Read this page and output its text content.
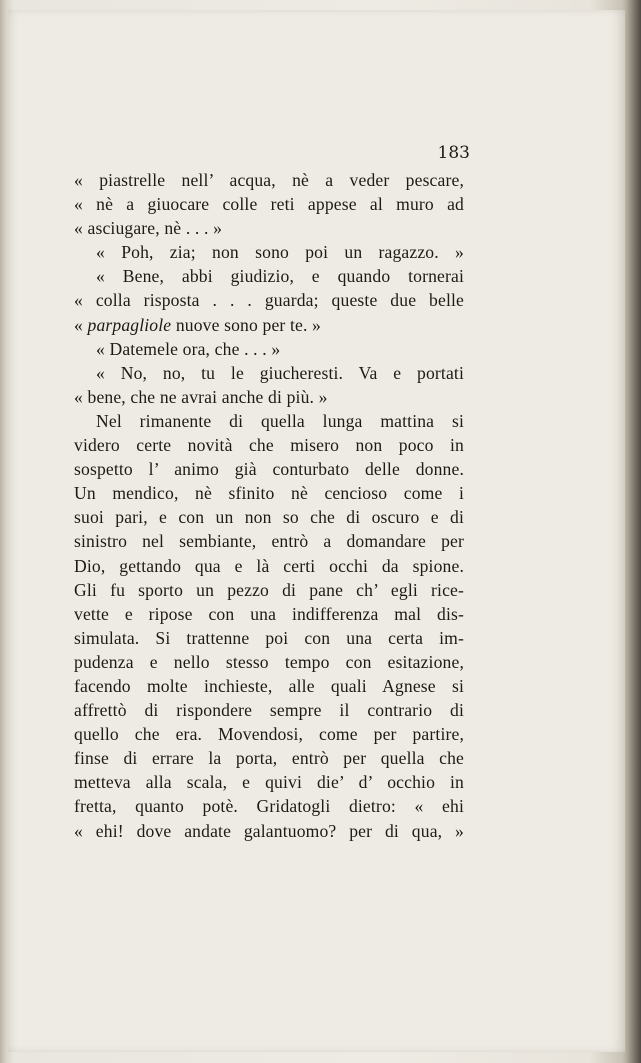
183
« piastrelle nell’ acqua, nè a veder pescare,
« nè a giuocare colle reti appese al muro ad
« asciugare, nè . . . »
« Poh, zia; non sono poi un ragazzo. »
« Bene, abbi giudizio, e quando tornerai
« colla risposta . . . guarda; queste due belle
« parpagliole nuove sono per te. »
« Datemele ora, che . . . »
« No, no, tu le giucheresti. Va e portati
« bene, che ne avrai anche di più. »
Nel rimanente di quella lunga mattina si
videro certe novità che misero non poco in
sospetto l’ animo già conturbato delle donne.
Un mendico, nè sfinito nè cencioso come i
suoi pari, e con un non so che di oscuro e di
sinistro nel sembiante, entrò a domandare per
Dio, gettando qua e là certi occhi da spione.
Gli fu sporto un pezzo di pane ch’ egli rice-
vette e ripose con una indifferenza mal dis-
simulata. Si trattenne poi con una certa im-
pudenza e nello stesso tempo con esitazione,
facendo molte inchieste, alle quali Agnese si
affrettò di rispondere sempre il contrario di
quello che era. Movendosi, come per partire,
finse di errare la porta, entrò per quella che
metteva alla scala, e quivi die’ d’ occhio in
fretta, quanto potè. Gridatogli dietro: « ehi
« ehi! dove andate galantuomo? per di qua, »
